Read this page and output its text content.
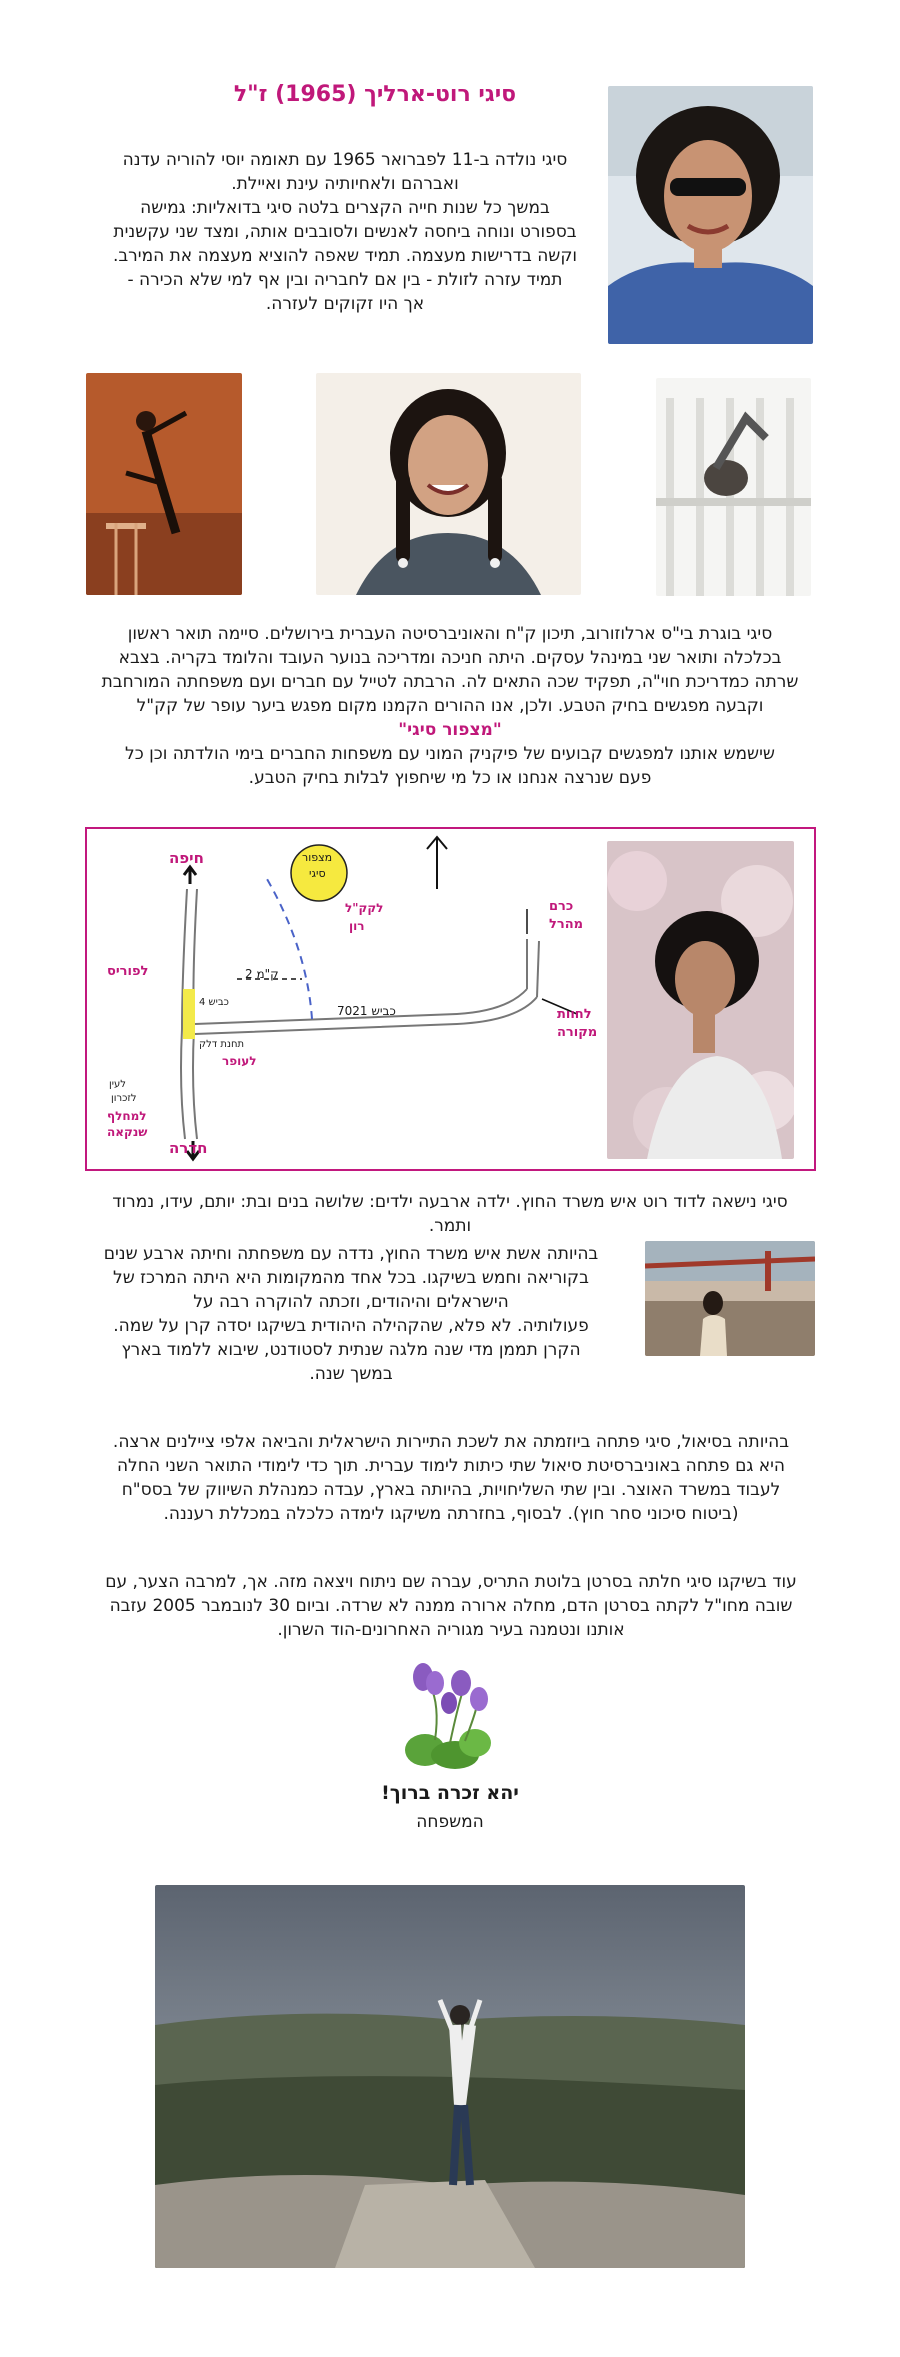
סיגי רוט-ארליך (1965) ז"ל
סיגי נולדה ב-11 לפברואר 1965 עם תאומה יוסי להוריה עדנה
ואברהם ולאחיותיה עינת ואיילת.
במשך כל שנות חייה הקצרים בלטה סיגי בדואליות: גמישה
בספורט ונוחה ביחסה לאנשים ולסובבים אותה, ומצד שני עקשנית
וקשה בדרישות מעצמה. תמיד שאפה להוציא מעצמה את המירב.
תמיד עזרה לזולת - בין אם לחבריה ובין אף למי שלא הכירה -
אך היו זקוקים לעזרה.
סיגי בוגרת בי"ס ארלוזורוב, תיכון ק"ח והאוניברסיטה העברית בירושלים. סיימה תואר ראשון
בכלכלה ותואר שני במינהל עסקים. היתה חניכה ומדריכה בנוער העובד והלומד בקריה. בצבא
שרתה כמדריכת חוי"ה, תפקיד שכה התאים לה. הרבתה לטייל עם חברים ועם משפחתה המורחבת
וקבעה מפגשים בחיק הטבע. ולכן, אנו ההורים הקמנו מקום מפגש ביער עופר של קק"ל
"מצפור סיגי"
שישמש אותנו למפגשים קבועים של פיקניק המוני עם משפחות החברים בימי הולדתה וכן כל
פעם שנרצה אנחנו או כל מי שיחפוץ לבלות בחיק הטבע.
חיפה
חדרה
מצפור
סיגי
כרם
מהרל
לחוות
מקורה
לפוריס
לקק"ל
רון
2 ק"מ
כביש 7021
לעופר
למחלף
שנקאה
כביש 4
תחנת דלק
לעין
לזכרון
סיגי נישאה לדוד רוט איש משרד החוץ. ילדה ארבעה ילדים: שלושה בנים ובת: יותם, עידו, נמרוד
ותמר.
בהיותה אשת איש משרד החוץ, נדדה עם משפחתה וחיתה ארבע שנים
בקוריאה וחמש בשיקגו. בכל אחד מהמקומות היא היתה המרכז של
הישראלים והיהודים, וזכתה להוקרה רבה על
פעולותיה. לא פלא, שהקהילה היהודית בשיקגו יסדה קרן על שמה.
הקרן תממן מדי שנה מלגה שנתית לסטודנט, שיבוא ללמוד בארץ
במשך שנה.
בהיותה בסיאול, סיגי פתחה ביוזמתה את לשכת התיירות הישראלית והביאה אלפי ציילנים ארצה.
היא גם פתחה באוניברסיטת סיאול שתי כיתות לימוד עברית. תוך כדי לימודי התואר השני החלה
לעבוד במשרד האוצר. ובין שתי השליחויות, בהיותה בארץ, עבדה כמנהלת השיווק של בסס"ח
(ביטוח סיכוני סחר חוץ). לבסוף, בחזרתה משיקגו לימדה כלכלה במכללת רעננה.
עוד בשיקגו סיגי חלתה בסרטן בלוטת התריס, עברה שם ניתוח ויצאה מזה. אך, למרבה הצער, עם
שובה מחו"ל לקתה בסרטן הדם, מחלה ארורה ממנה לא שרדה. וביום 30 לנובמבר 2005 עזבה
אותנו ונטמנה בעיר מגוריה האחרונים-הוד השרון.
יהא זכרה ברוך!
המשפחה
